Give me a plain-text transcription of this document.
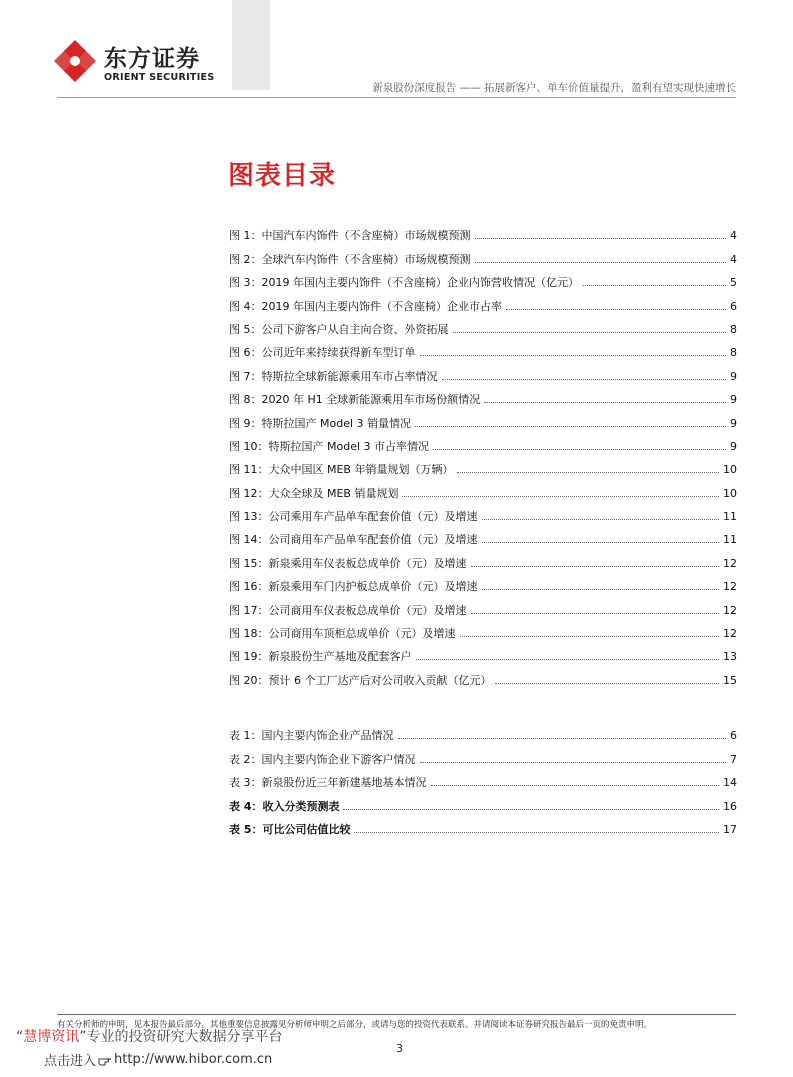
东方证券
ORIENT SECURITIES
新泉股份深度报告 —— 拓展新客户、单车价值量提升，盈利有望实现快速增长
图表目录
图 1：中国汽车内饰件（不含座椅）市场规模预测	4
图 2：全球汽车内饰件（不含座椅）市场规模预测	4
图 3：2019 年国内主要内饰件（不含座椅）企业内饰营收情况（亿元）	5
图 4：2019 年国内主要内饰件（不含座椅）企业市占率	6
图 5：公司下游客户从自主向合资、外资拓展	8
图 6：公司近年来持续获得新车型订单	8
图 7：特斯拉全球新能源乘用车市占率情况	9
图 8：2020 年 H1 全球新能源乘用车市场份额情况	9
图 9：特斯拉国产 Model 3 销量情况	9
图 10：特斯拉国产 Model 3 市占率情况	9
图 11：大众中国区 MEB 年销量规划（万辆）	10
图 12：大众全球及 MEB 销量规划	10
图 13：公司乘用车产品单车配套价值（元）及增速	11
图 14：公司商用车产品单车配套价值（元）及增速	11
图 15：新泉乘用车仪表板总成单价（元）及增速	12
图 16：新泉乘用车门内护板总成单价（元）及增速	12
图 17：公司商用车仪表板总成单价（元）及增速	12
图 18：公司商用车顶柜总成单价（元）及增速	12
图 19：新泉股份生产基地及配套客户	13
图 20：预计 6 个工厂达产后对公司收入贡献（亿元）	15
表 1：国内主要内饰企业产品情况	6
表 2：国内主要内饰企业下游客户情况	7
表 3：新泉股份近三年新建基地基本情况	14
表 4：收入分类预测表	16
表 5：可比公司估值比较	17
有关分析师的申明，见本报告最后部分。其他重要信息披露见分析师申明之后部分，或请与您的投资代表联系。并请阅读本证券研究报告最后一页的免责申明。
3
“慧博资讯”专业的投资研究大数据分享平台
点击进入 http://www.hibor.com.cn
